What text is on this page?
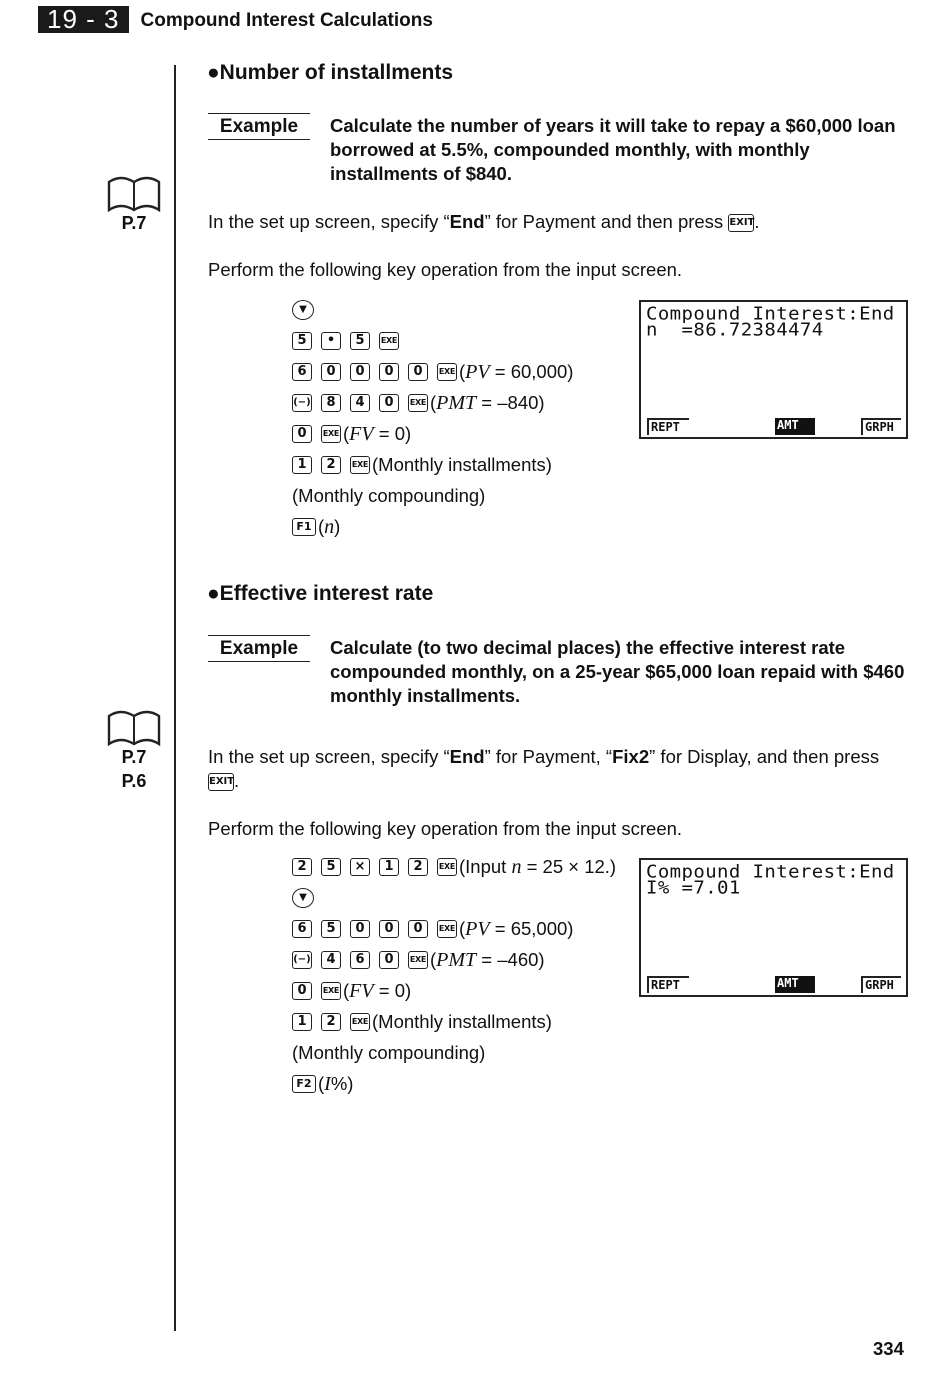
19 - 3	Compound Interest Calculations
●Number of installments
Example	Calculate the number of years it will take to repay a $60,000 loan borrowed at 5.5%, compounded monthly, with monthly installments of $840.
P.7	In the set up screen, specify “End” for Payment and then press EXIT.
Perform the following key operation from the input screen.
▼
5	•	5	EXE
6	0	0	0	0	EXE (PV = 60,000)
(−)	8	4	0	EXE (PMT = –840)
0	EXE (FV = 0)
1	2	EXE (Monthly installments)
(Monthly compounding)
F1 (n)
Compound Interest:End
n  =86.72384474
REPT	AMT	GRPH
●Effective interest rate
Example	Calculate (to two decimal places) the effective interest rate compounded monthly, on a 25-year $65,000 loan repaid with $460 monthly installments.
P.7
P.6
In the set up screen, specify “End” for Payment, “Fix2” for Display, and then press
EXIT.
Perform the following key operation from the input screen.
2	5	×	1	2	EXE (Input n = 25 × 12.)
▼
6	5	0	0	0	EXE (PV = 65,000)
(−)	4	6	0	EXE (PMT = –460)
0	EXE (FV = 0)
1	2	EXE (Monthly installments)
(Monthly compounding)
F2 (I%)
Compound Interest:End
I% =7.01
REPT	AMT	GRPH
334
